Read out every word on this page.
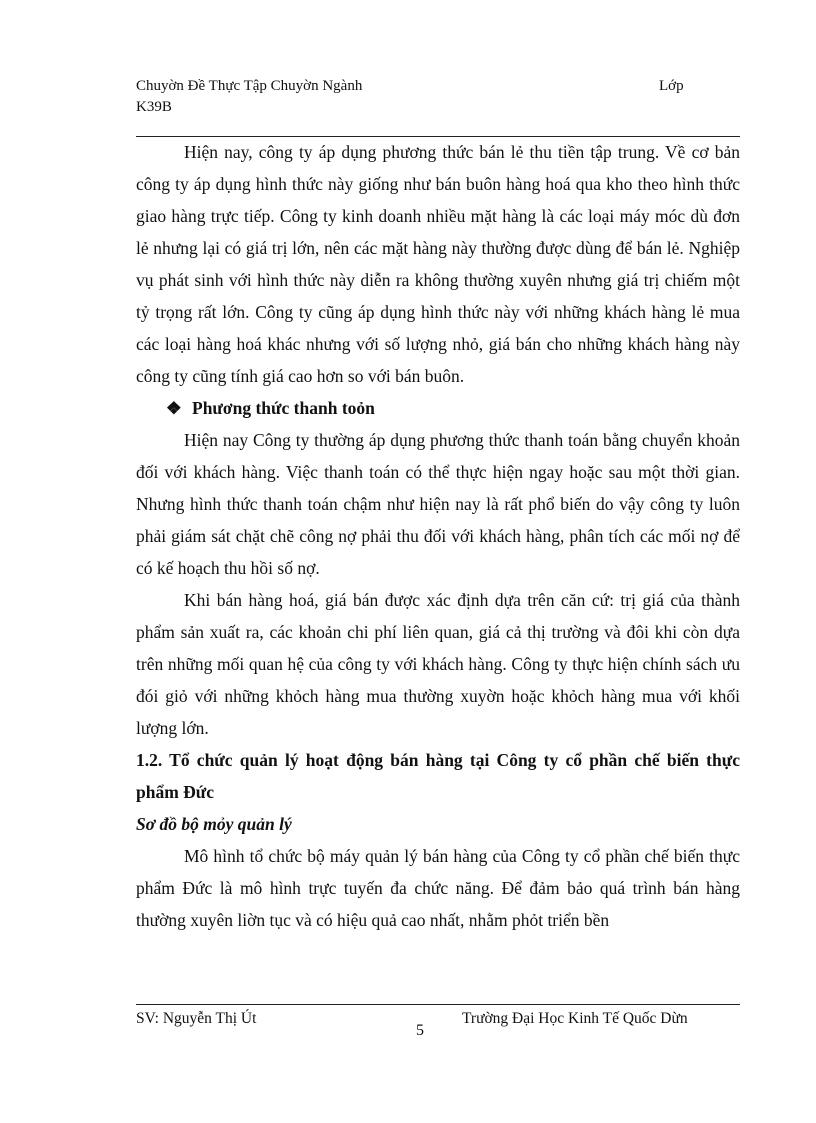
Chuyờn Đề Thực Tập Chuyờn Ngành
K39B
Lớp

Hiện nay, công ty áp dụng phương thức bán lẻ thu tiền tập trung. Về cơ bản công ty áp dụng hình thức này giống như bán buôn hàng hoá qua kho theo hình thức giao hàng trực tiếp. Công ty kinh doanh nhiều mặt hàng là các loại máy móc dù đơn lẻ nhưng lại có giá trị lớn, nên các mặt hàng này thường được dùng để bán lẻ. Nghiệp vụ phát sinh với hình thức này diễn ra không thường xuyên nhưng giá trị chiếm một tỷ trọng rất lớn. Công ty cũng áp dụng hình thức này với những khách hàng lẻ mua các loại hàng hoá khác nhưng với số lượng nhỏ, giá bán cho những khách hàng này công ty cũng tính giá cao hơn so với bán buôn.

❖ Phương thức thanh toỏn

Hiện nay Công ty thường áp dụng phương thức thanh toán bằng chuyển khoản đối với khách hàng. Việc thanh toán có thể thực hiện ngay hoặc sau một thời gian. Nhưng hình thức thanh toán chậm như hiện nay là rất phổ biến do vậy công ty luôn phải giám sát chặt chẽ công nợ phải thu đối với khách hàng, phân tích các mối nợ để có kế hoạch thu hồi số nợ.

Khi bán hàng hoá, giá bán được xác định dựa trên căn cứ: trị giá của thành phẩm sản xuất ra, các khoản chi phí liên quan, giá cả thị trường và đôi khi còn dựa trên những mối quan hệ của công ty với khách hàng. Công ty thực hiện chính sách ưu đói giỏ với những khỏch hàng mua thường xuyờn hoặc khỏch hàng mua với khối lượng lớn.

1.2. Tổ chức quản lý hoạt động bán hàng tại Công ty cổ phần chế biến thực phẩm Đức

Sơ đồ bộ mỏy quản lý

Mô hình tổ chức bộ máy quản lý bán hàng của Công ty cổ phần chế biến thực phẩm Đức là mô hình trực tuyến đa chức năng. Để đảm bảo quá trình bán hàng thường xuyên liờn tục và có hiệu quả cao nhất, nhằm phỏt triển bền

SV: Nguyễn Thị Út	Trường Đại Học Kinh Tế Quốc Dừn
5
